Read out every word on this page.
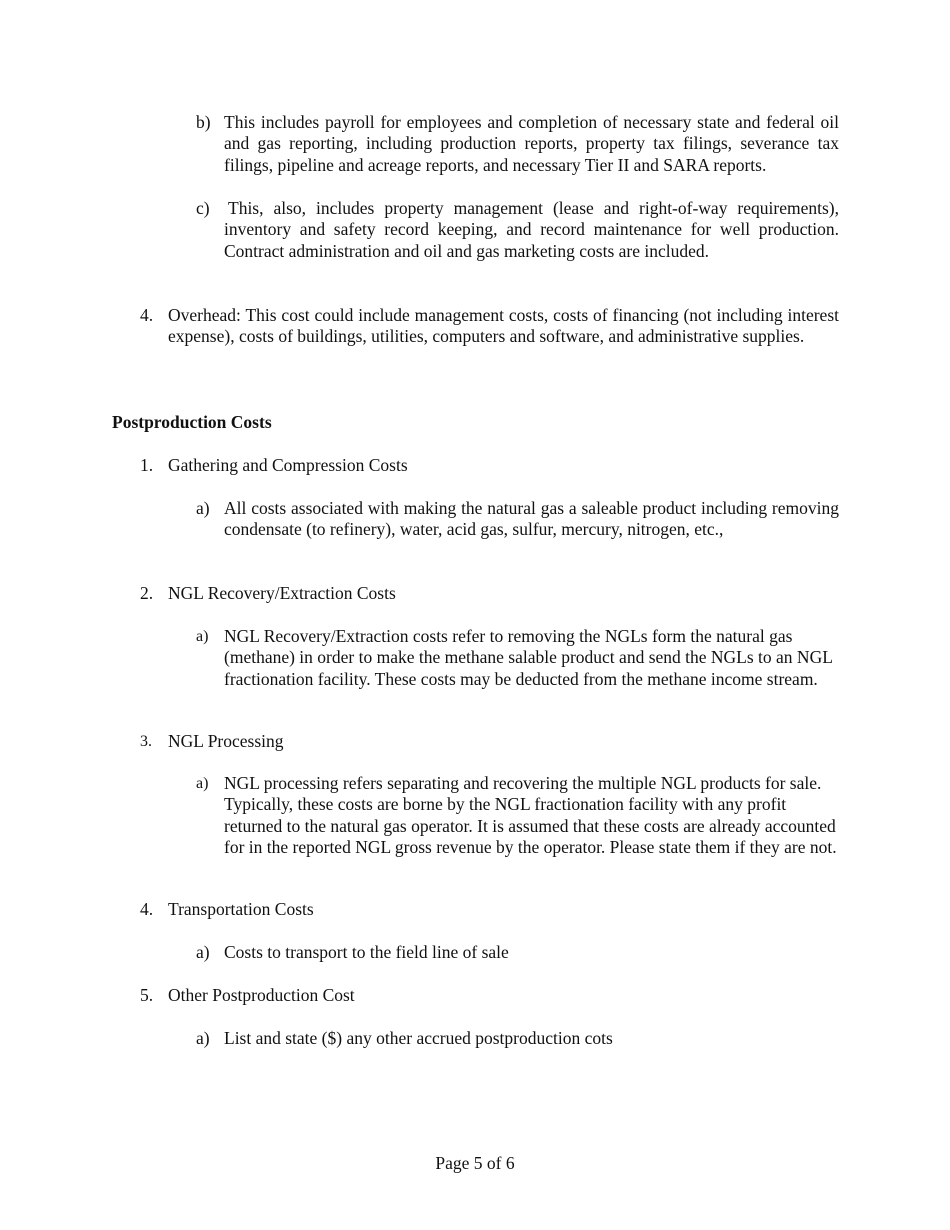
b) This includes payroll for employees and completion of necessary state and federal oil and gas reporting, including production reports, property tax filings, severance tax filings, pipeline and acreage reports, and necessary Tier II and SARA reports.
c)	This, also, includes property management (lease and right-of-way requirements), inventory and safety record keeping, and record maintenance for well production. Contract administration and oil and gas marketing costs are included.
4. Overhead: This cost could include management costs, costs of financing (not including interest expense), costs of buildings, utilities, computers and software, and administrative supplies.
Postproduction Costs
1. Gathering and Compression Costs
a) All costs associated with making the natural gas a saleable product including removing condensate (to refinery), water, acid gas, sulfur, mercury, nitrogen, etc.,
2. NGL Recovery/Extraction Costs
a) NGL Recovery/Extraction costs refer to removing the NGLs form the natural gas (methane) in order to make the methane salable product and send the NGLs to an NGL fractionation facility. These costs may be deducted from the methane income stream.
3. NGL Processing
a) NGL processing refers separating and recovering the multiple NGL products for sale. Typically, these costs are borne by the NGL fractionation facility with any profit returned to the natural gas operator. It is assumed that these costs are already accounted for in the reported NGL gross revenue by the operator. Please state them if they are not.
4. Transportation Costs
a) Costs to transport to the field line of sale
5. Other Postproduction Cost
a) List and state ($) any other accrued postproduction cots
Page 5 of 6
